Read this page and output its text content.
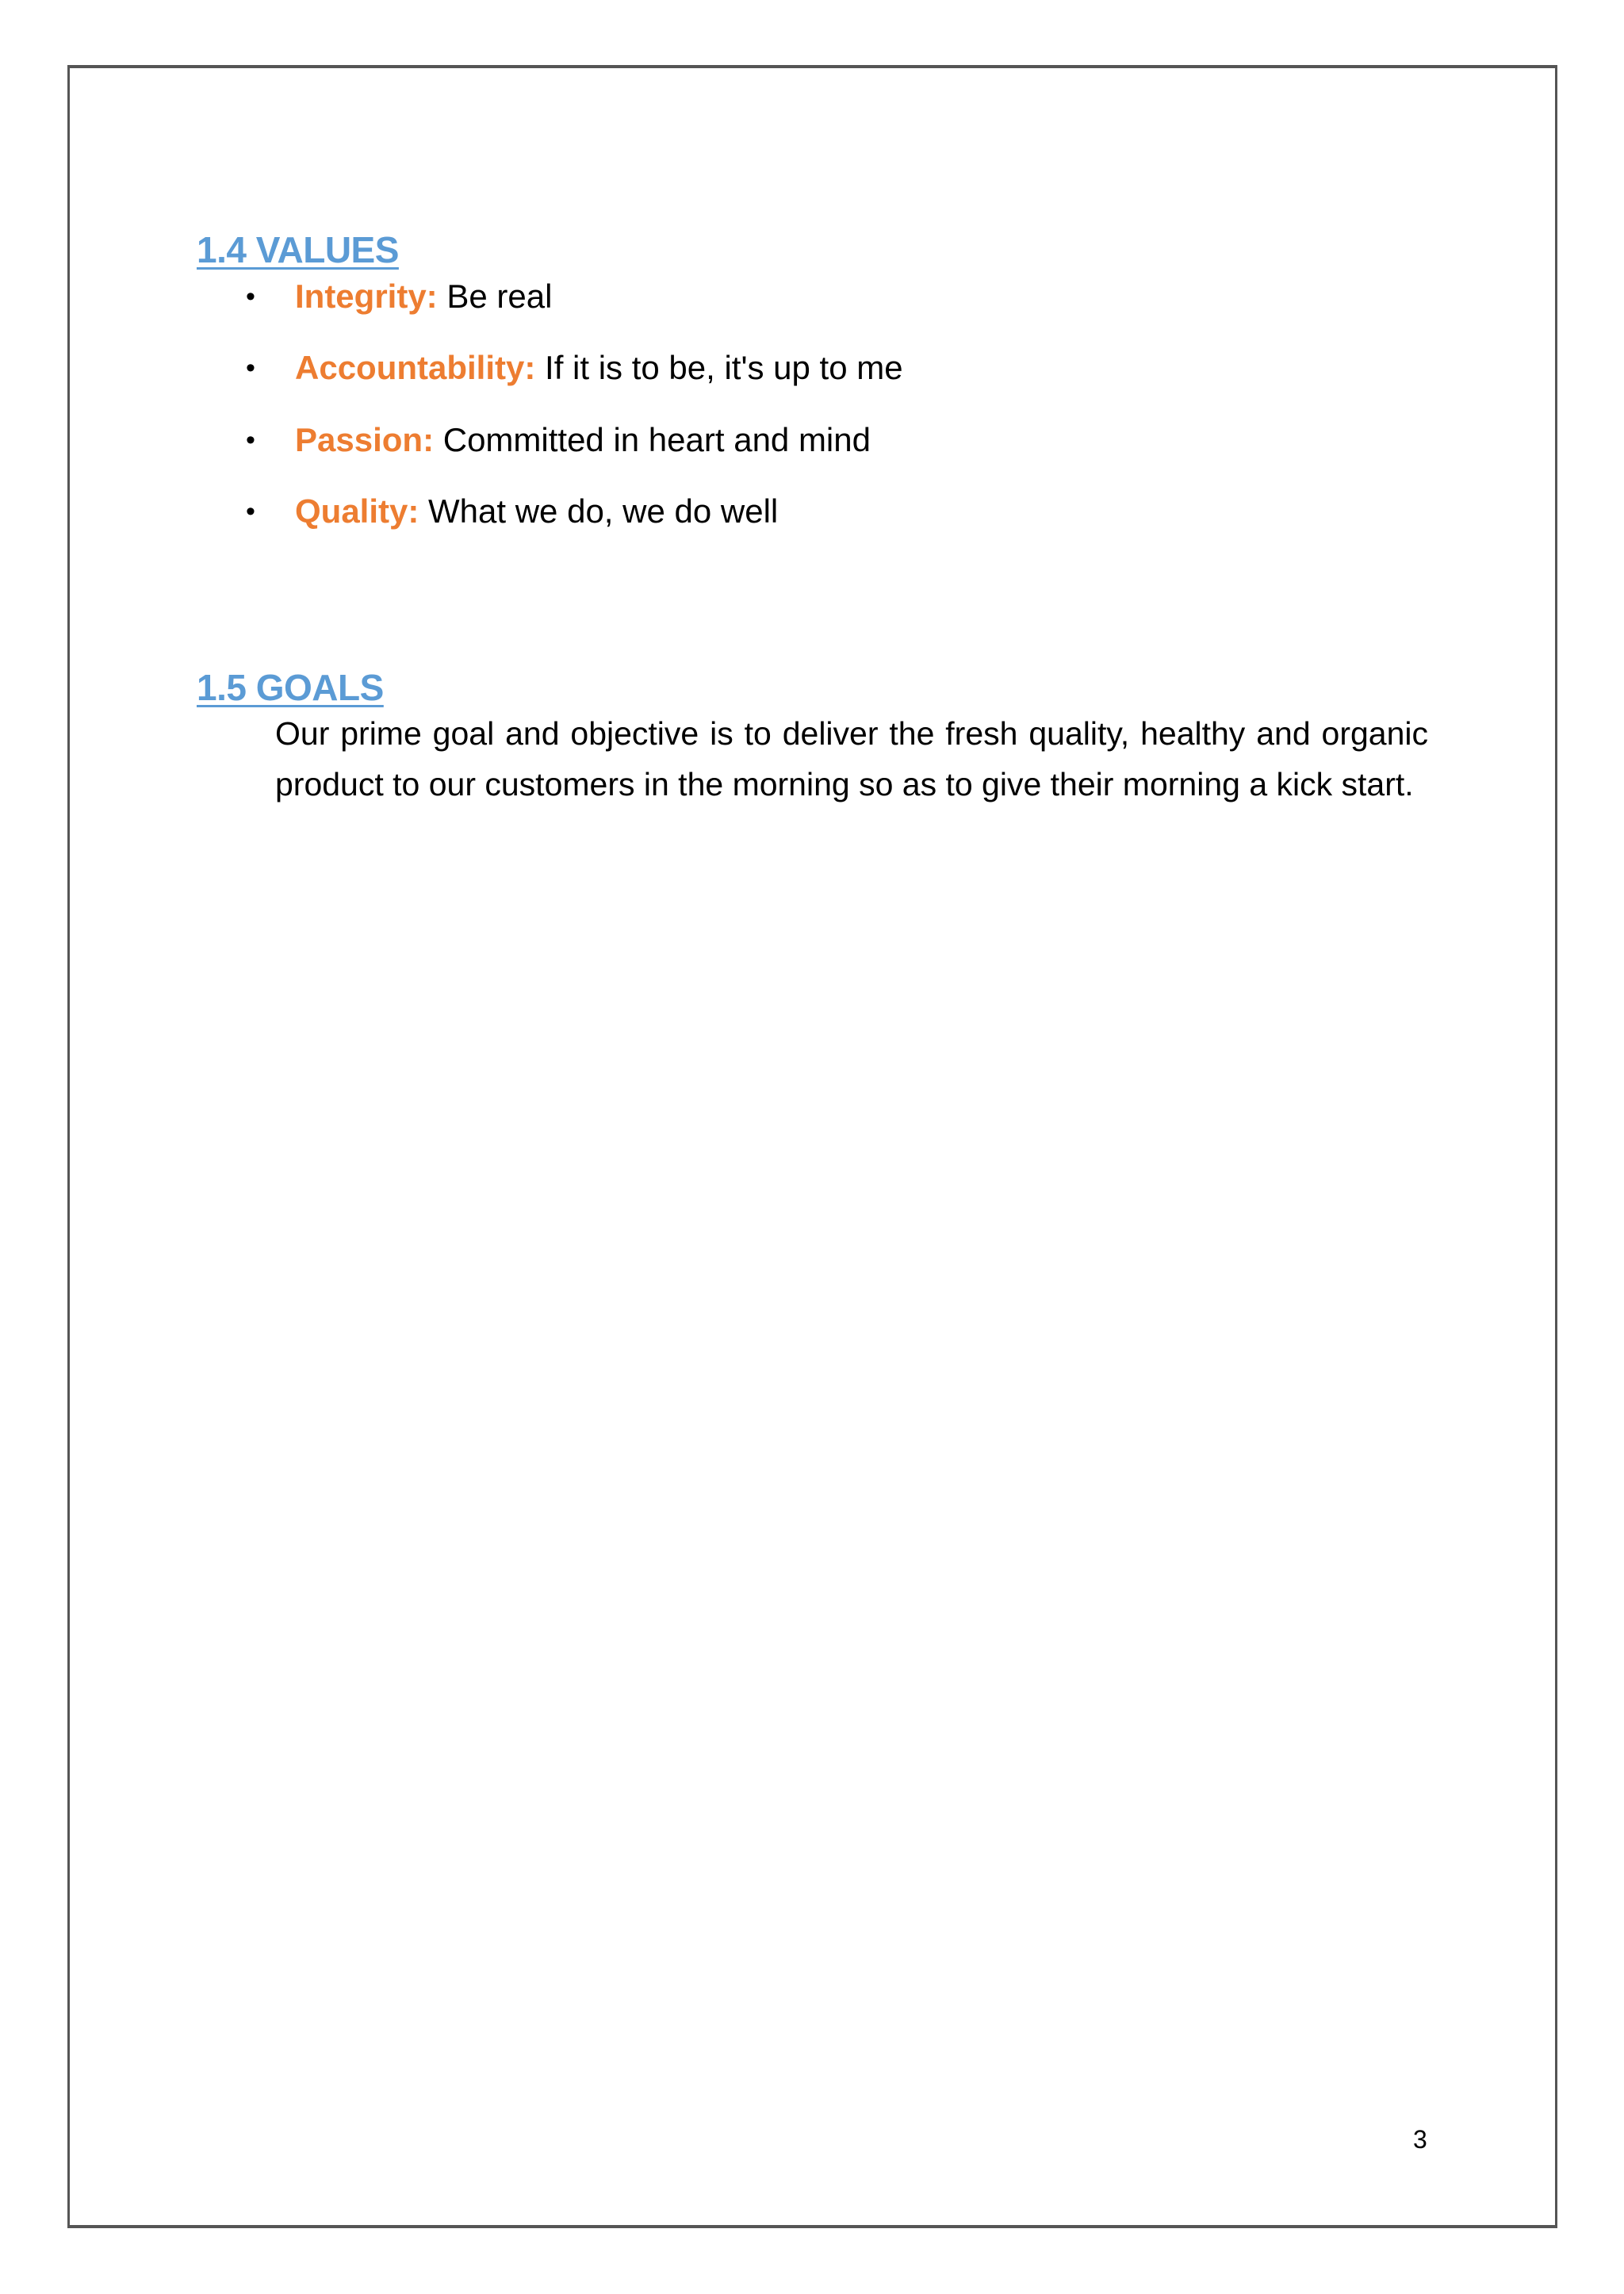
1.4 VALUES
• Integrity: Be real
• Accountability: If it is to be, it's up to me
• Passion: Committed in heart and mind
• Quality: What we do, we do well
1.5 GOALS

Our prime goal and objective is to deliver the fresh quality, healthy and organic product to our customers in the morning so as to give their morning a kick start.

3
